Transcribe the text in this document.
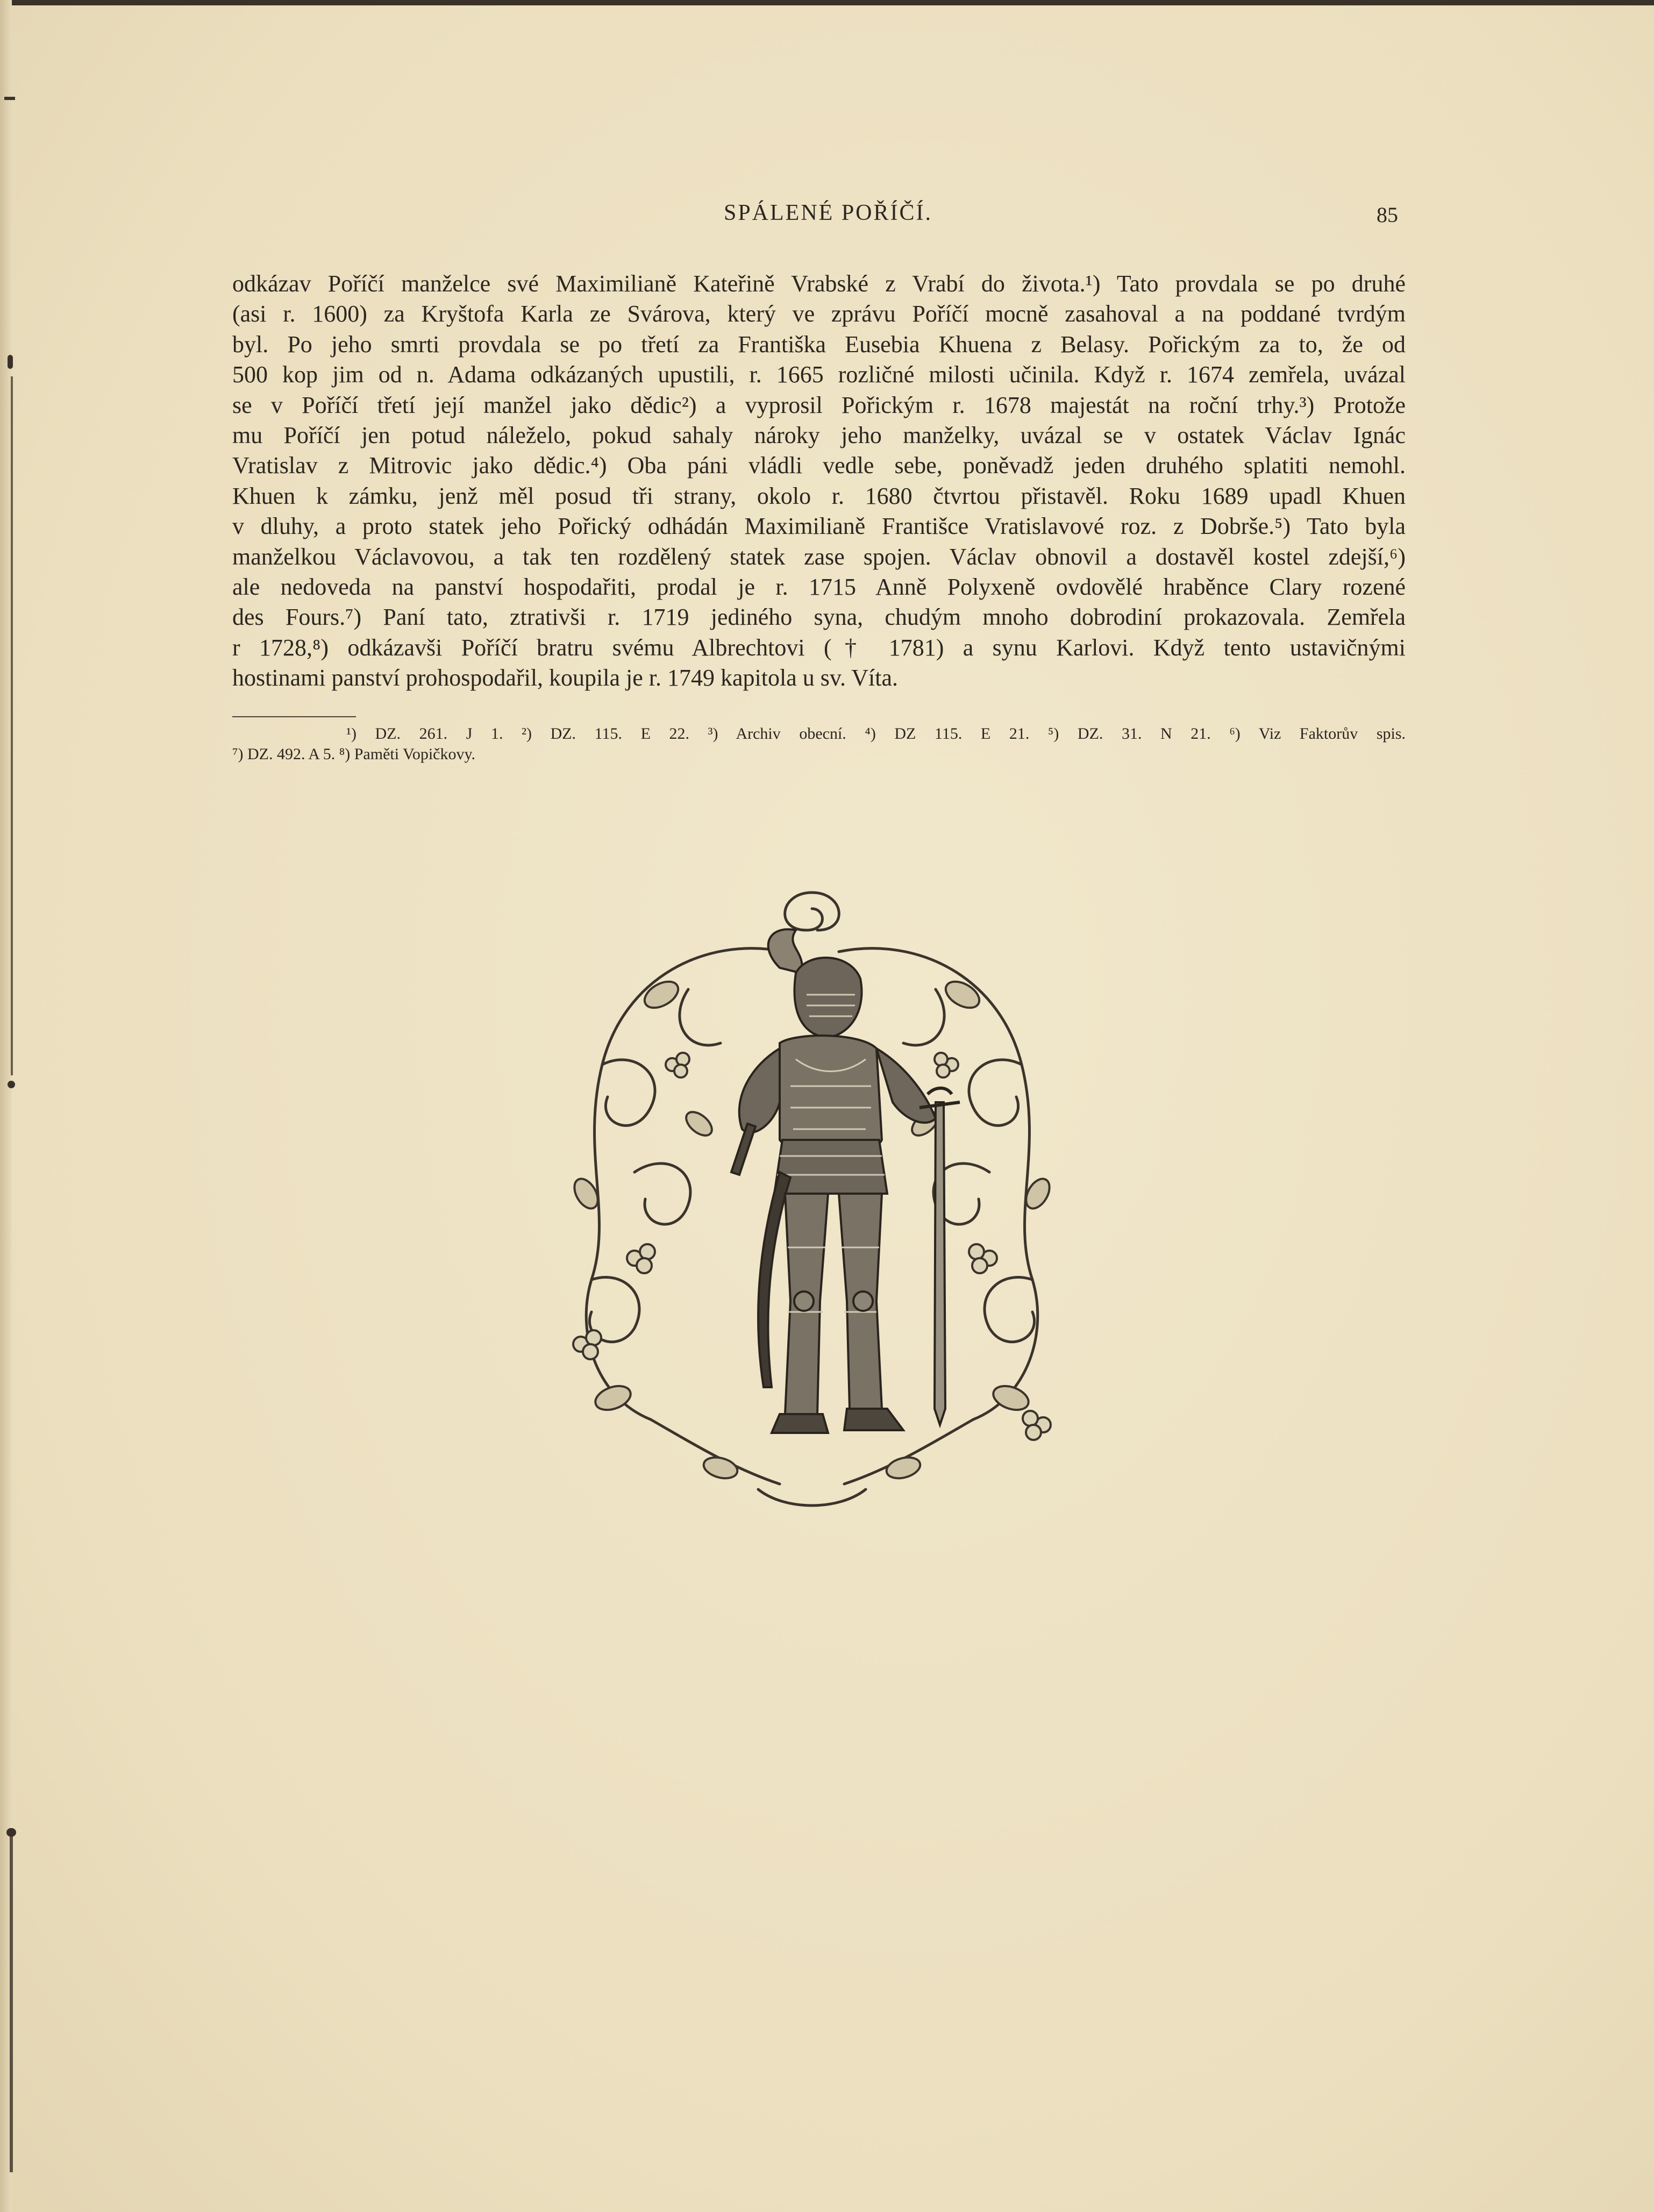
SPÁLENÉ POŘÍČÍ.	85
odkázav Poříčí manželce své Maximilianě Kateřině Vrabské z Vrabí do života.¹) Tato provdala se po druhé
(asi r. 1600) za Kryštofa Karla ze Svárova, který ve zprávu Poříčí mocně zasahoval a na poddané tvrdým
byl. Po jeho smrti provdala se po třetí za Františka Eusebia Khuena z Belasy. Pořickým za to, že od
500 kop jim od n. Adama odkázaných upustili, r. 1665 rozličné milosti učinila. Když r. 1674 zemřela, uvázal
se v Poříčí třetí její manžel jako dědic²) a vyprosil Pořickým r. 1678 majestát na roční trhy.³) Protože
mu Poříčí jen potud náleželo, pokud sahaly nároky jeho manželky, uvázal se v ostatek Václav Ignác
Vratislav z Mitrovic jako dědic.⁴) Oba páni vládli vedle sebe, poněvadž jeden druhého splatiti nemohl.
Khuen k zámku, jenž měl posud tři strany, okolo r. 1680 čtvrtou přistavěl. Roku 1689 upadl Khuen
v dluhy, a proto statek jeho Pořický odhádán Maximilianě Františce Vratislavové roz. z Dobrše.⁵) Tato byla
manželkou Václavovou, a tak ten rozdělený statek zase spojen. Václav obnovil a dostavěl kostel zdejší,⁶)
ale nedoveda na panství hospodařiti, prodal je r. 1715 Anně Polyxeně ovdovělé hraběnce Clary rozené
des Fours.⁷) Paní tato, ztrativši r. 1719 jediného syna, chudým mnoho dobrodiní prokazovala. Zemřela
r 1728,⁸) odkázavši Poříčí bratru svému Albrechtovi († 1781) a synu Karlovi. Když tento ustavičnými
hostinami panství prohospodařil, koupila je r. 1749 kapitola u sv. Víta.
¹) DZ. 261. J 1. ²) DZ. 115. E 22. ³) Archiv obecní. ⁴) DZ 115. E 21. ⁵) DZ. 31. N 21. ⁶) Viz Faktorův spis.
⁷) DZ. 492. A 5. ⁸) Paměti Vopičkovy.
